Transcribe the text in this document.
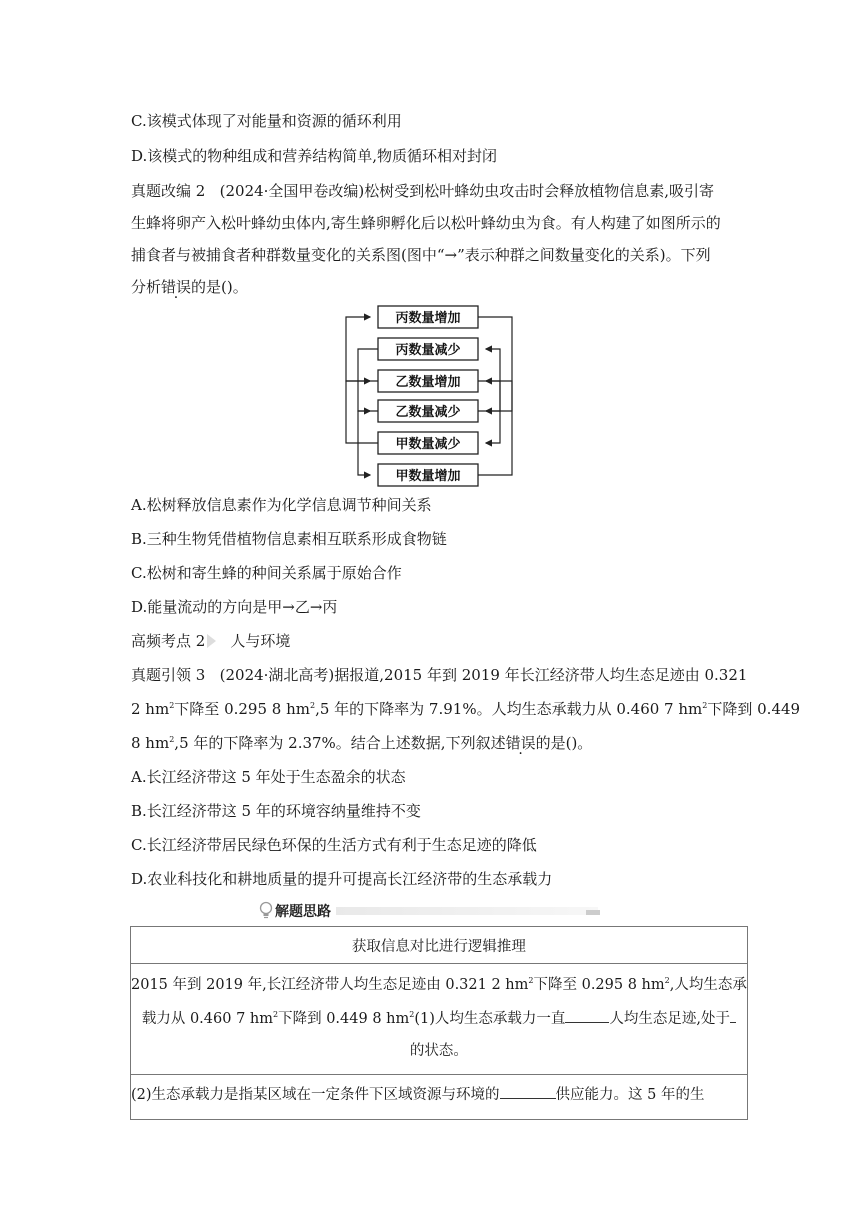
C.该模式体现了对能量和资源的循环利用
D.该模式的物种组成和营养结构简单,物质循环相对封闭
真题改编 2 (2024·全国甲卷改编)松树受到松叶蜂幼虫攻击时会释放植物信息素,吸引寄
生蜂将卵产入松叶蜂幼虫体内,寄生蜂卵孵化后以松叶蜂幼虫为食。有人构建了如图所示的
捕食者与被捕食者种群数量变化的关系图(图中“→”表示种群之间数量变化的关系)。下列
分析错误的是()。
丙数量增加
丙数量减少
乙数量增加
乙数量减少
甲数量减少
甲数量增加
A.松树释放信息素作为化学信息调节种间关系
B.三种生物凭借植物信息素相互联系形成食物链
C.松树和寄生蜂的种间关系属于原始合作
D.能量流动的方向是甲→乙→丙
高频考点 2 人与环境
真题引领 3 (2024·湖北高考)据报道,2015 年到 2019 年长江经济带人均生态足迹由 0.321
2 $hm^2$下降至 0.295 8 $hm^2,5$ 年的下降率为 7.91%。人均生态承载力从 0.460 7 $hm^2$下降到 0.449
8 $hm^2,5$ 年的下降率为 2.37%。结合上述数据,下列叙述错误的是()。
A.长江经济带这 5 年处于生态盈余的状态
B.长江经济带这 5 年的环境容纳量维持不变
C.长江经济带居民绿色环保的生活方式有利于生态足迹的降低
D.农业科技化和耕地质量的提升可提高长江经济带的生态承载力
解题思路
获取信息对比进行逻辑推理

2015 年到 2019 年,长江经济带人均生态足迹由 0.321 2 $hm^2$下降至 0.295 8 $hm^2$,人均生态承
载力从 0.460 7 $hm^2$下降到 0.449 8 $hm^2(1)$人均生态承载力一直	人均生态足迹,处于
的状态。

(2)生态承载力是指某区域在一定条件下区域资源与环境的	供应能力。这 5 年的生
